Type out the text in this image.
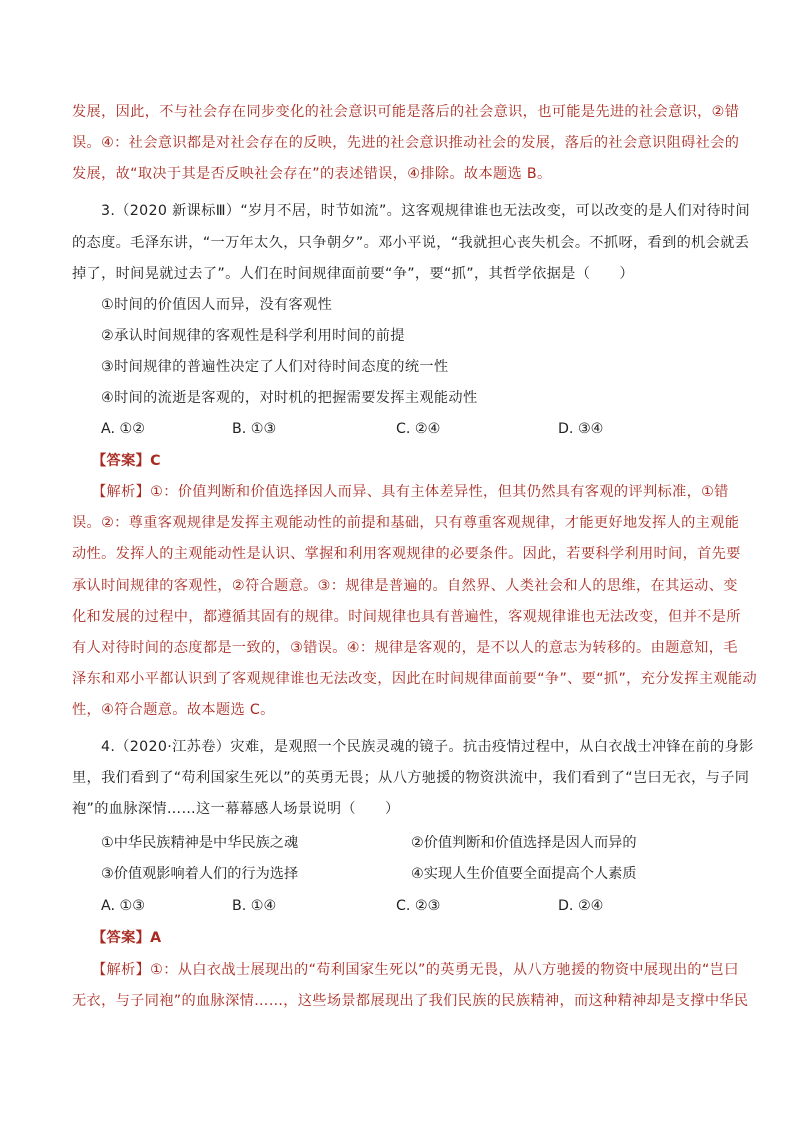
发展，因此，不与社会存在同步变化的社会意识可能是落后的社会意识，也可能是先进的社会意识，②错
误。④：社会意识都是对社会存在的反映，先进的社会意识推动社会的发展，落后的社会意识阻碍社会的
发展，故“取决于其是否反映社会存在”的表述错误，④排除。故本题选 B。
3.（2020 新课标Ⅲ）“岁月不居，时节如流”。这客观规律谁也无法改变，可以改变的是人们对待时间
的态度。毛泽东讲，“一万年太久，只争朝夕”。邓小平说，“我就担心丧失机会。不抓呀，看到的机会就丢
掉了，时间晃就过去了”。人们在时间规律面前要“争”，要“抓”，其哲学依据是（　　）
①时间的价值因人而异，没有客观性
②承认时间规律的客观性是科学利用时间的前提
③时间规律的普遍性决定了人们对待时间态度的统一性
④时间的流逝是客观的，对时机的把握需要发挥主观能动性
A. ①②	B. ①③	C. ②④	D. ③④
【答案】C
【解析】①：价值判断和价值选择因人而异、具有主体差异性，但其仍然具有客观的评判标准，①错
误。②：尊重客观规律是发挥主观能动性的前提和基础，只有尊重客观规律，才能更好地发挥人的主观能
动性。发挥人的主观能动性是认识、掌握和利用客观规律的必要条件。因此，若要科学利用时间，首先要
承认时间规律的客观性，②符合题意。③：规律是普遍的。自然界、人类社会和人的思维，在其运动、变
化和发展的过程中，都遵循其固有的规律。时间规律也具有普遍性，客观规律谁也无法改变，但并不是所
有人对待时间的态度都是一致的，③错误。④：规律是客观的，是不以人的意志为转移的。由题意知，毛
泽东和邓小平都认识到了客观规律谁也无法改变，因此在时间规律面前要“争”、要“抓”，充分发挥主观能动
性，④符合题意。故本题选 C。
4.（2020·江苏卷）灾难，是观照一个民族灵魂的镜子。抗击疫情过程中，从白衣战士冲锋在前的身影
里，我们看到了“苟利国家生死以”的英勇无畏；从八方驰援的物资洪流中，我们看到了“岂曰无衣，与子同
袍”的血脉深情……这一幕幕感人场景说明（　　）
①中华民族精神是中华民族之魂	②价值判断和价值选择是因人而异的
③价值观影响着人们的行为选择	④实现人生价值要全面提高个人素质
A. ①③	B. ①④	C. ②③	D. ②④
【答案】A
【解析】①：从白衣战士展现出的“苟利国家生死以”的英勇无畏，从八方驰援的物资中展现出的“岂曰
无衣，与子同袍”的血脉深情……，这些场景都展现出了我们民族的民族精神，而这种精神却是支撑中华民
